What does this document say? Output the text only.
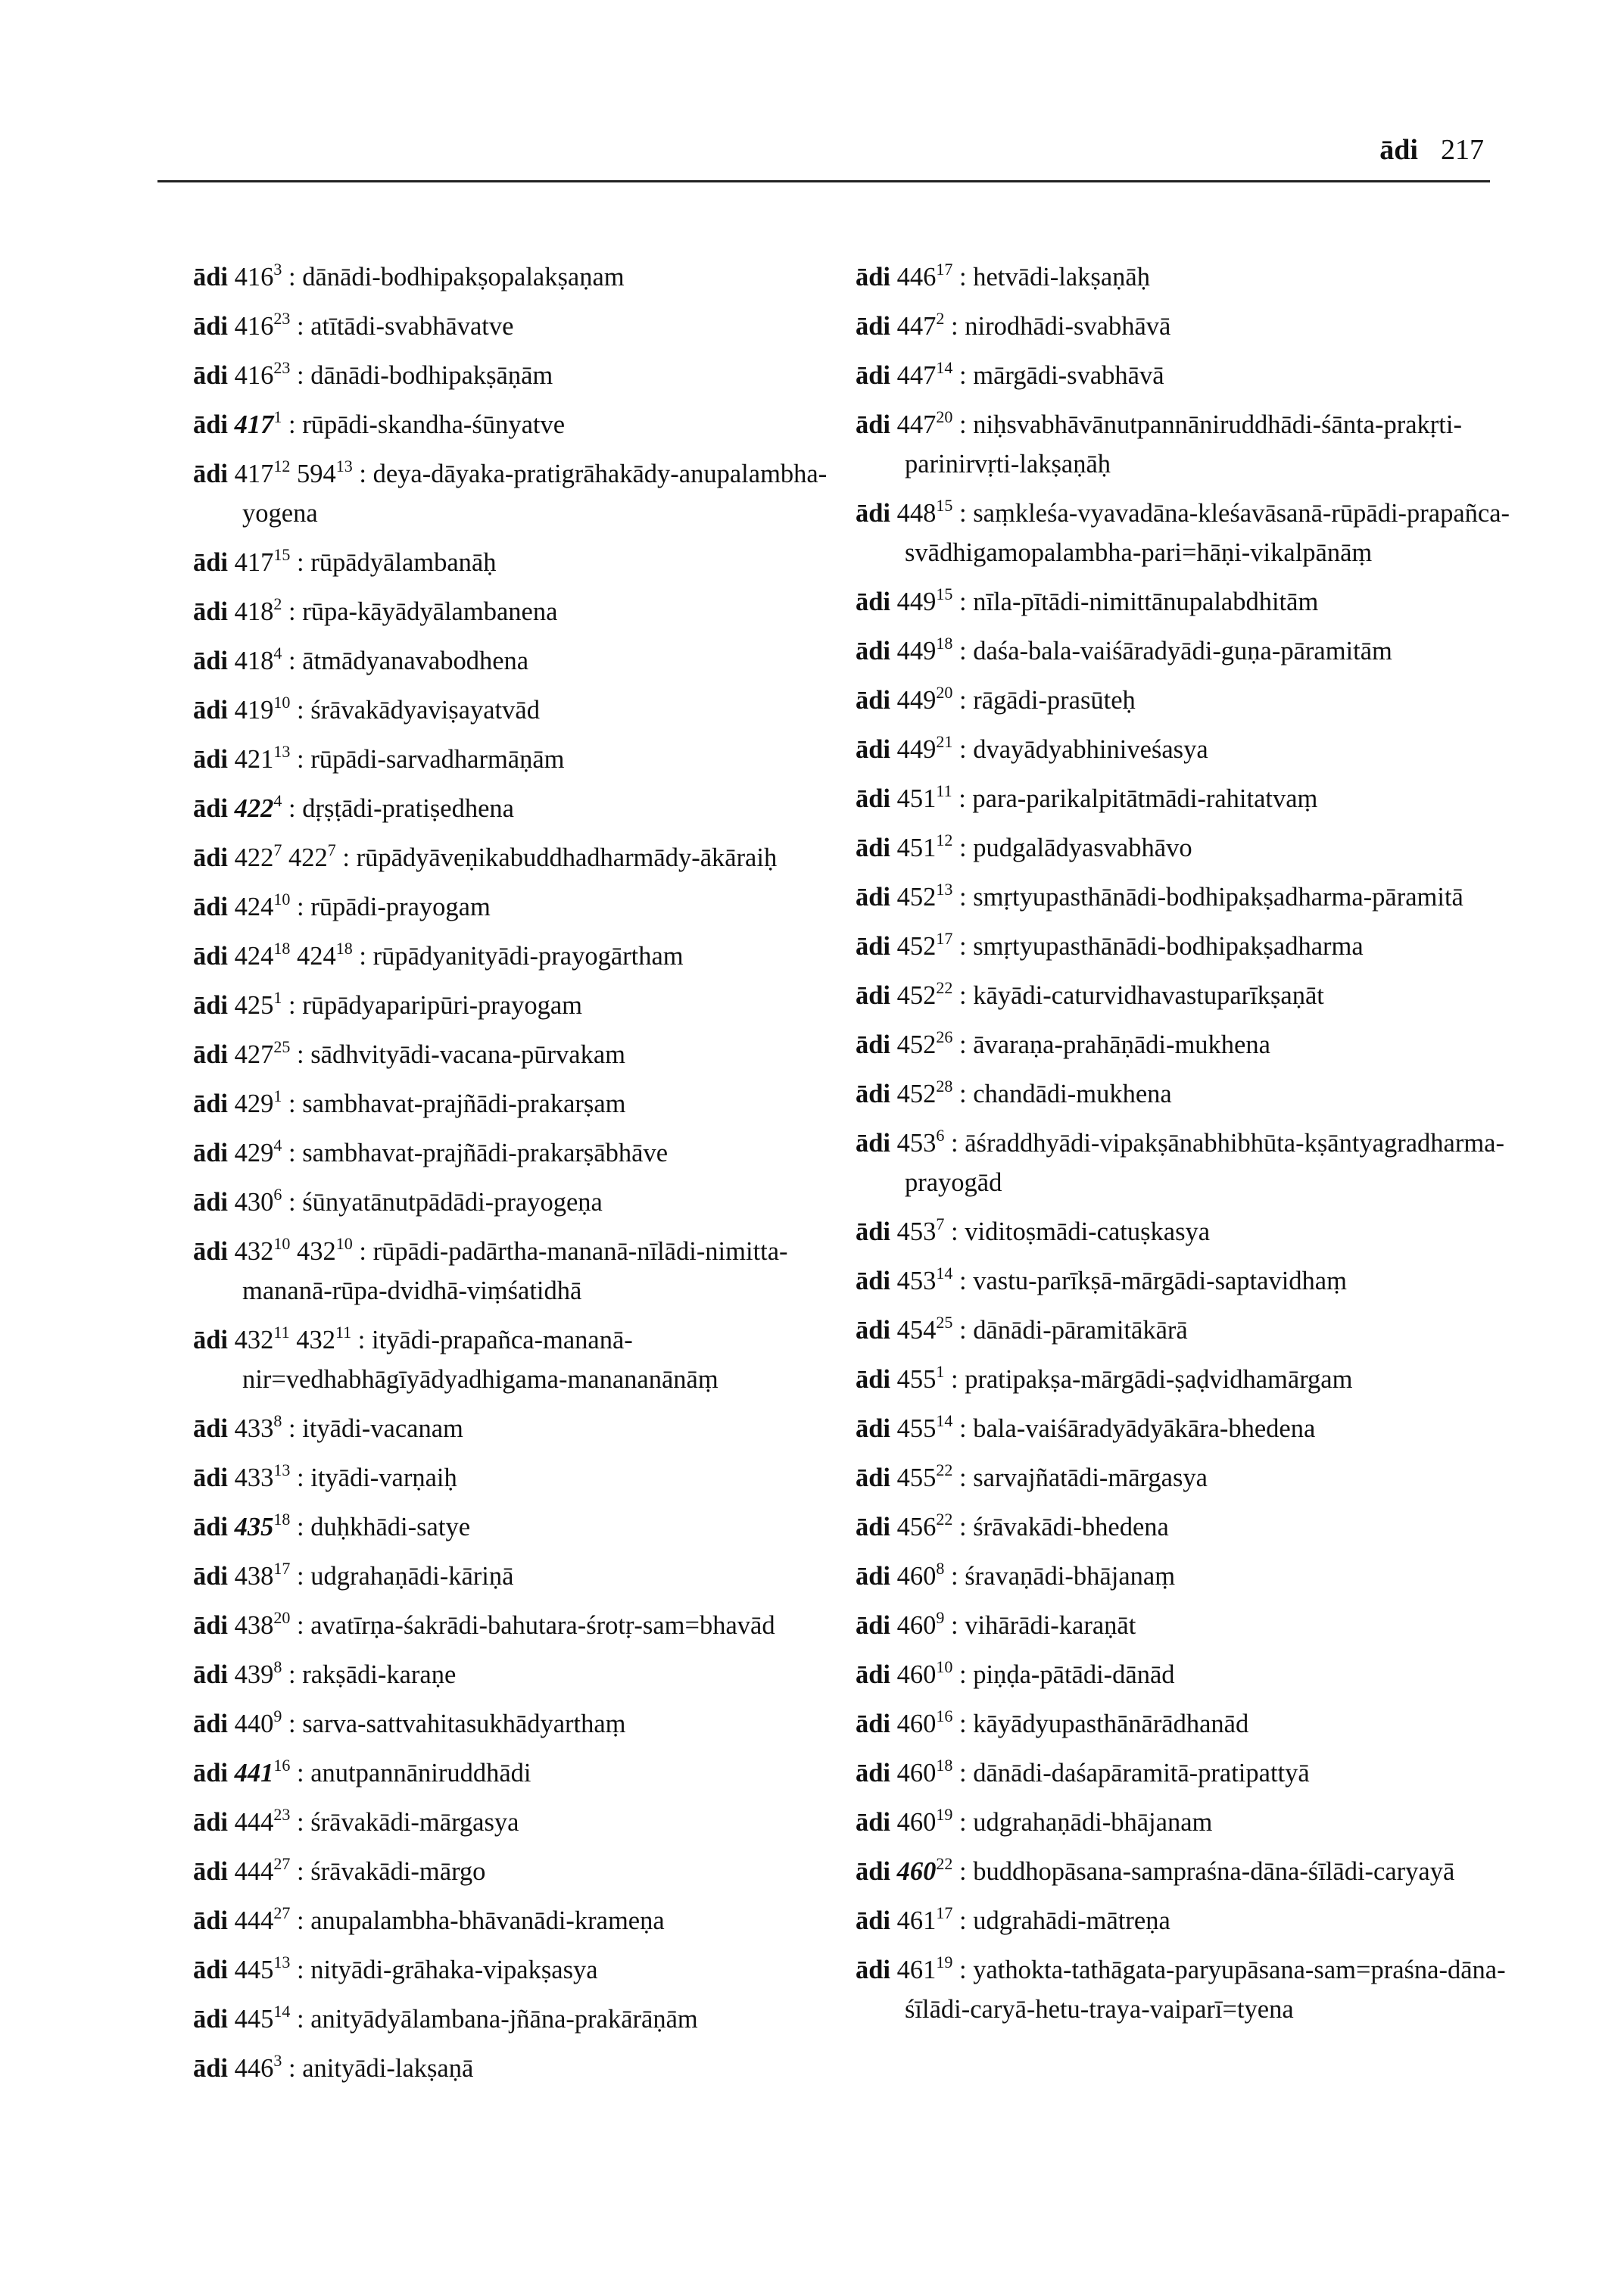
ādi 217
ādi $416^3$ : dānādi-bodhipakṣopalakṣaṇam
ādi $416^{23}$ : atītādi-svabhāvatve
ādi $416^{23}$ : dānādi-bodhipakṣāṇām
ādi $417^1$ : rūpādi-skandha-śūnyatve
ādi $417^{12}$ $594^{13}$ : deya-dāyaka-pratigrāhakādy-anupalambha-yogena
ādi $417^{15}$ : rūpādyālambanāḥ
ādi $418^2$ : rūpa-kāyādyālambanena
ādi $418^4$ : ātmādyanavabodhena
ādi $419^{10}$ : śrāvakādyaviṣayatvād
ādi $421^{13}$ : rūpādi-sarvadharmāṇām
ādi $422^4$ : dṛṣṭādi-pratiṣedhena
ādi $422^7$ $422^7$ : rūpādyāveṇikabuddhadharmādy-ākāraiḥ
ādi $424^{10}$ : rūpādi-prayogam
ādi $424^{18}$ $424^{18}$ : rūpādyanityādi-prayogārtham
ādi $425^1$ : rūpādyaparipūri-prayogam
ādi $427^{25}$ : sādhvityādi-vacana-pūrvakam
ādi $429^1$ : sambhavat-prajñādi-prakarṣam
ādi $429^4$ : sambhavat-prajñādi-prakarṣābhāve
ādi $430^6$ : śūnyatānutpādādi-prayogeṇa
ādi $432^{10}$ $432^{10}$ : rūpādi-padārtha-mananā-nīlādi-nimitta-mananā-rūpa-dvidhā-viṃśatidhā
ādi $432^{11}$ $432^{11}$ : ityādi-prapañca-mananā-nir=vedhabhāgīyādyadhigama-manananānāṃ
ādi $433^8$ : ityādi-vacanam
ādi $433^{13}$ : ityādi-varṇaiḥ
ādi $435^{18}$ : duḥkhādi-satye
ādi $438^{17}$ : udgrahaṇādi-kāriṇā
ādi $438^{20}$ : avatīrṇa-śakrādi-bahutara-śrotṛ-sam=bhavād
ādi $439^8$ : rakṣādi-karaṇe
ādi $440^9$ : sarva-sattvahitasukhādyarthaṃ
ādi $441^{16}$ : anutpannāniruddhādi
ādi $444^{23}$ : śrāvakādi-mārgasya
ādi $444^{27}$ : śrāvakādi-mārgo
ādi $444^{27}$ : anupalambha-bhāvanādi-krameṇa
ādi $445^{13}$ : nityādi-grāhaka-vipakṣasya
ādi $445^{14}$ : anityādyālambana-jñāna-prakārāṇām
ādi $446^3$ : anityādi-lakṣaṇā
ādi $446^{17}$ : hetvādi-lakṣaṇāḥ
ādi $447^2$ : nirodhādi-svabhāvā
ādi $447^{14}$ : mārgādi-svabhāvā
ādi $447^{20}$ : niḥsvabhāvānutpannāniruddhādi-śānta-prakṛti-parinirvṛti-lakṣaṇāḥ
ādi $448^{15}$ : saṃkleśa-vyavadāna-kleśavāsanā-rūpādi-prapañca-svādhigamopalambha-pari=hāṇi-vikalpānāṃ
ādi $449^{15}$ : nīla-pītādi-nimittānupalabdhitām
ādi $449^{18}$ : daśa-bala-vaiśāradyādi-guṇa-pāramitām
ādi $449^{20}$ : rāgādi-prasūteḥ
ādi $449^{21}$ : dvayādyabhiniveśasya
ādi $451^{11}$ : para-parikalpitātmādi-rahitatvaṃ
ādi $451^{12}$ : pudgalādyasvabhāvo
ādi $452^{13}$ : smṛtyupasthānādi-bodhipakṣadharma-pāramitā
ādi $452^{17}$ : smṛtyupasthānādi-bodhipakṣadharma
ādi $452^{22}$ : kāyādi-caturvidhavastuparīkṣaṇāt
ādi $452^{26}$ : āvaraṇa-prahāṇādi-mukhena
ādi $452^{28}$ : chandādi-mukhena
ādi $453^6$ : āśraddhyādi-vipakṣānabhibhūta-kṣāntyagradharma-prayogād
ādi $453^7$ : viditoṣmādi-catuṣkasya
ādi $453^{14}$ : vastu-parīkṣā-mārgādi-saptavidhaṃ
ādi $454^{25}$ : dānādi-pāramitākārā
ādi $455^1$ : pratipakṣa-mārgādi-ṣaḍvidhamārgam
ādi $455^{14}$ : bala-vaiśāradyādyākāra-bhedena
ādi $455^{22}$ : sarvajñatādi-mārgasya
ādi $456^{22}$ : śrāvakādi-bhedena
ādi $460^8$ : śravaṇādi-bhājanaṃ
ādi $460^9$ : vihārādi-karaṇāt
ādi $460^{10}$ : piṇḍa-pātādi-dānād
ādi $460^{16}$ : kāyādyupasthānārādhanād
ādi $460^{18}$ : dānādi-daśapāramitā-pratipattyā
ādi $460^{19}$ : udgrahaṇādi-bhājanam
ādi $460^{22}$ : buddhopāsana-sampraśna-dāna-śīlādi-caryayā
ādi $461^{17}$ : udgrahādi-mātreṇa
ādi $461^{19}$ : yathokta-tathāgata-paryupāsana-sam=praśna-dāna-śīlādi-caryā-hetu-traya-vaiparī=tyena
